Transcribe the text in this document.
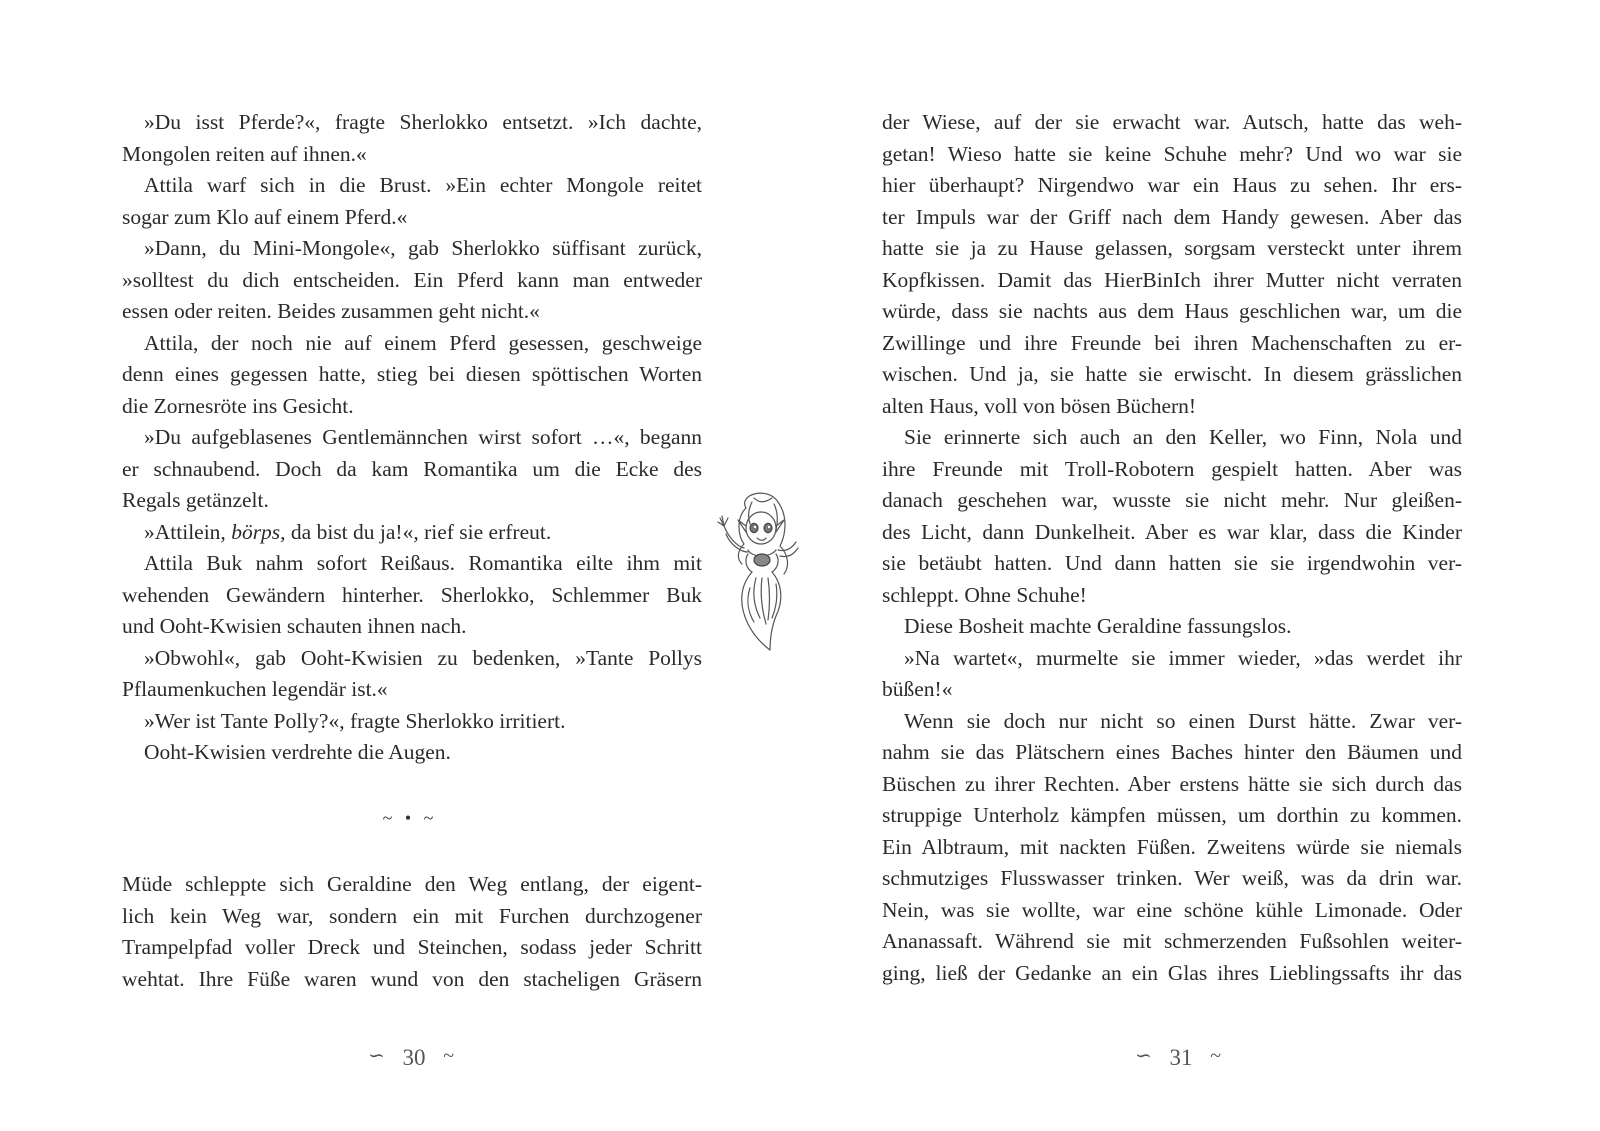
»Du isst Pferde?«, fragte Sherlokko entsetzt. »Ich dachte,
Mongolen reiten auf ihnen.«
Attila warf sich in die Brust. »Ein echter Mongole reitet
sogar zum Klo auf einem Pferd.«
»Dann, du Mini-Mongole«, gab Sherlokko süffisant zurück,
»solltest du dich entscheiden. Ein Pferd kann man entweder
essen oder reiten. Beides zusammen geht nicht.«
Attila, der noch nie auf einem Pferd gesessen, geschweige
denn eines gegessen hatte, stieg bei diesen spöttischen Worten
die Zornesröte ins Gesicht.
»Du aufgeblasenes Gentlemännchen wirst sofort …«, begann
er schnaubend. Doch da kam Romantika um die Ecke des
Regals getänzelt.
»Attilein, börps, da bist du ja!«, rief sie erfreut.
Attila Buk nahm sofort Reißaus. Romantika eilte ihm mit
wehenden Gewändern hinterher. Sherlokko, Schlemmer Buk
und Ooht-Kwisien schauten ihnen nach.
»Obwohl«, gab Ooht-Kwisien zu bedenken, »Tante Pollys
Pflaumenkuchen legendär ist.«
»Wer ist Tante Polly?«, fragte Sherlokko irritiert.
Ooht-Kwisien verdrehte die Augen.
~ • ~
Müde schleppte sich Geraldine den Weg entlang, der eigent-
lich kein Weg war, sondern ein mit Furchen durchzogener
Trampelpfad voller Dreck und Steinchen, sodass jeder Schritt
wehtat. Ihre Füße waren wund von den stacheligen Gräsern
∽ 30 ~
der Wiese, auf der sie erwacht war. Autsch, hatte das weh-
getan! Wieso hatte sie keine Schuhe mehr? Und wo war sie
hier überhaupt? Nirgendwo war ein Haus zu sehen. Ihr ers-
ter Impuls war der Griff nach dem Handy gewesen. Aber das
hatte sie ja zu Hause gelassen, sorgsam versteckt unter ihrem
Kopfkissen. Damit das HierBinIch ihrer Mutter nicht verraten
würde, dass sie nachts aus dem Haus geschlichen war, um die
Zwillinge und ihre Freunde bei ihren Machenschaften zu er-
wischen. Und ja, sie hatte sie erwischt. In diesem grässlichen
alten Haus, voll von bösen Büchern!
Sie erinnerte sich auch an den Keller, wo Finn, Nola und
ihre Freunde mit Troll-Robotern gespielt hatten. Aber was
danach geschehen war, wusste sie nicht mehr. Nur gleißen-
des Licht, dann Dunkelheit. Aber es war klar, dass die Kinder
sie betäubt hatten. Und dann hatten sie sie irgendwohin ver-
schleppt. Ohne Schuhe!
Diese Bosheit machte Geraldine fassungslos.
»Na wartet«, murmelte sie immer wieder, »das werdet ihr
büßen!«
Wenn sie doch nur nicht so einen Durst hätte. Zwar ver-
nahm sie das Plätschern eines Baches hinter den Bäumen und
Büschen zu ihrer Rechten. Aber erstens hätte sie sich durch das
struppige Unterholz kämpfen müssen, um dorthin zu kommen.
Ein Albtraum, mit nackten Füßen. Zweitens würde sie niemals
schmutziges Flusswasser trinken. Wer weiß, was da drin war.
Nein, was sie wollte, war eine schöne kühle Limonade. Oder
Ananassaft. Während sie mit schmerzenden Fußsohlen weiter-
ging, ließ der Gedanke an ein Glas ihres Lieblingssafts ihr das
∽ 31 ~
